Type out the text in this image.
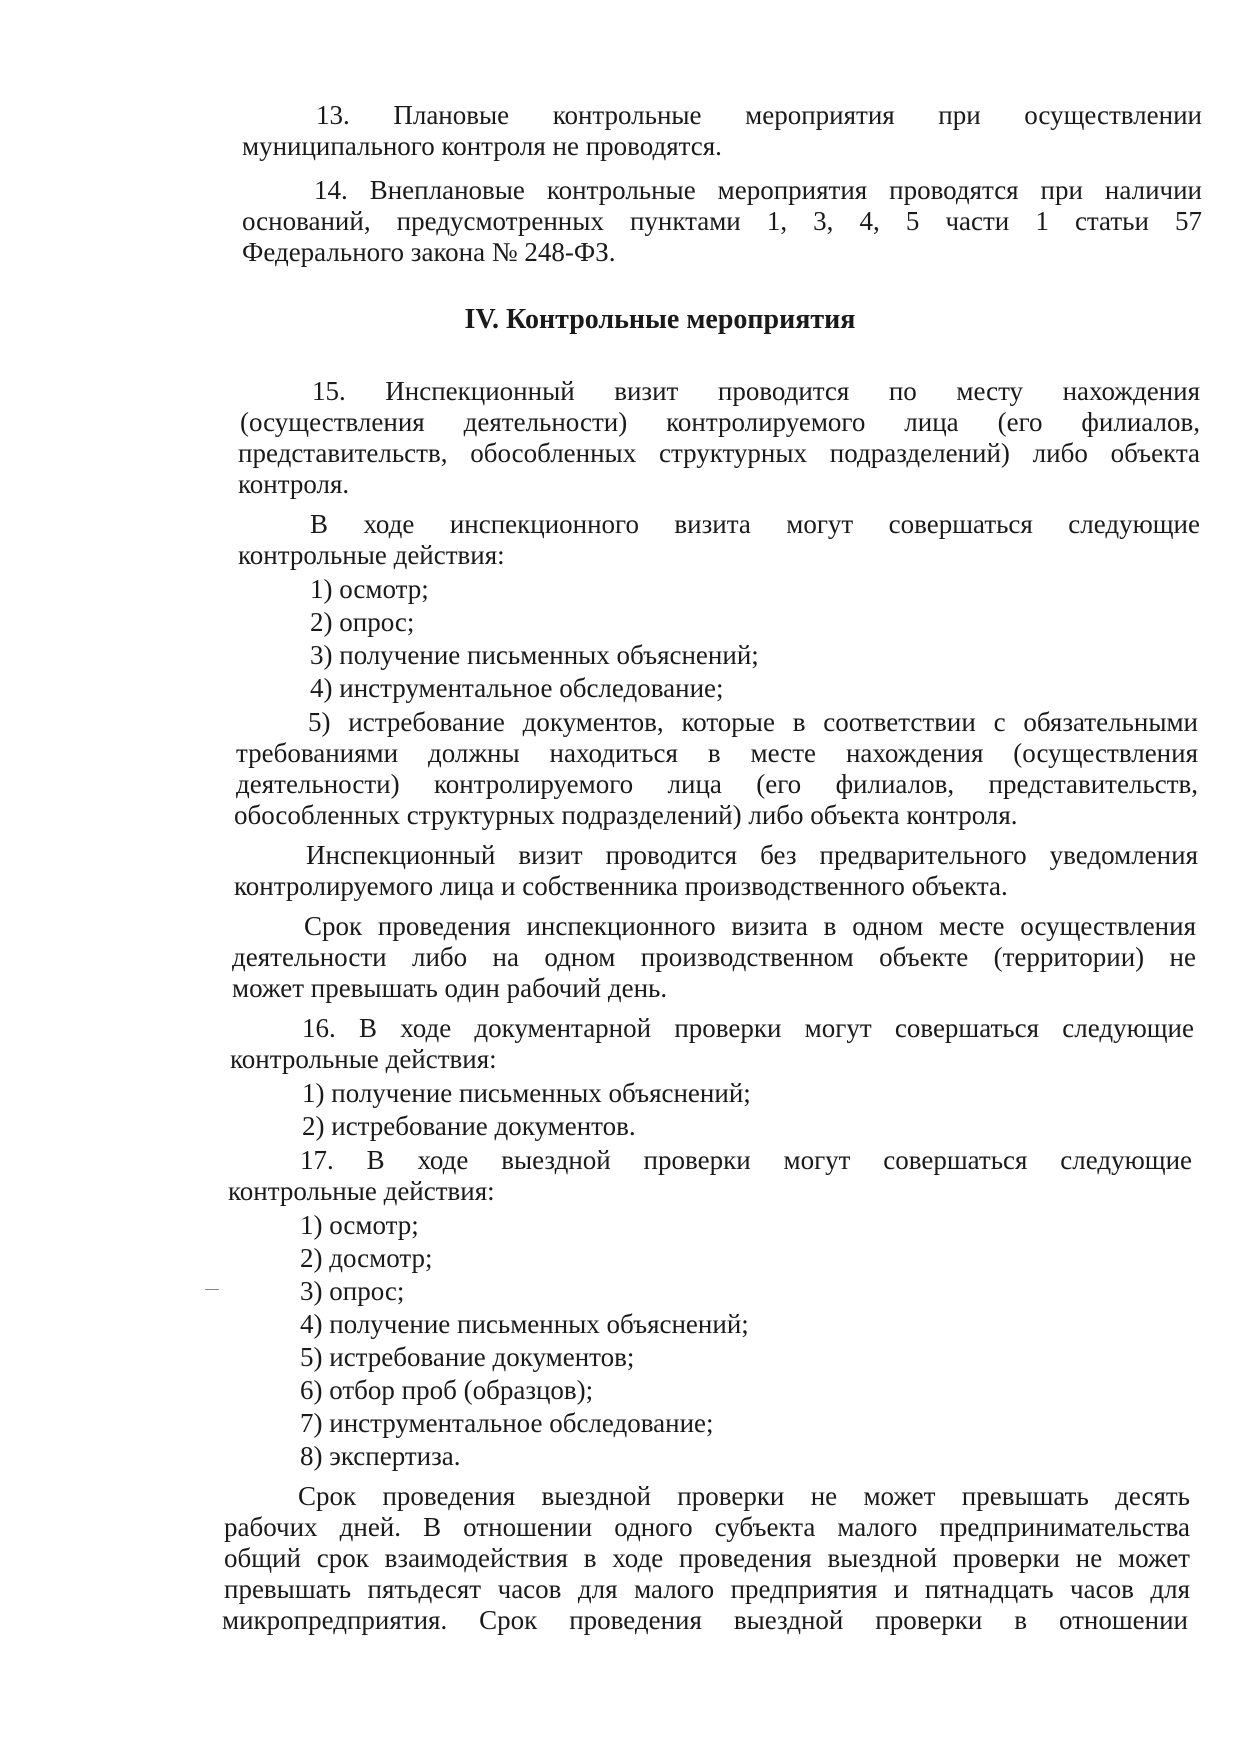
13. Плановые контрольные мероприятия при осуществлении
муниципального контроля не проводятся.
14. Внеплановые контрольные мероприятия проводятся при наличии
оснований, предусмотренных пунктами 1, 3, 4, 5 части 1 статьи 57
Федерального закона № 248-ФЗ.
IV. Контрольные мероприятия
15. Инспекционный визит проводится по месту нахождения
(осуществления деятельности) контролируемого лица (его филиалов,
представительств, обособленных структурных подразделений) либо объекта
контроля.
В ходе инспекционного визита могут совершаться следующие
контрольные действия:
1) осмотр;
2) опрос;
3) получение письменных объяснений;
4) инструментальное обследование;
5) истребование документов, которые в соответствии с обязательными
требованиями должны находиться в месте нахождения (осуществления
деятельности) контролируемого лица (его филиалов, представительств,
обособленных структурных подразделений) либо объекта контроля.
Инспекционный визит проводится без предварительного уведомления
контролируемого лица и собственника производственного объекта.
Срок проведения инспекционного визита в одном месте осуществления
деятельности либо на одном производственном объекте (территории) не
может превышать один рабочий день.
16. В ходе документарной проверки могут совершаться следующие
контрольные действия:
1) получение письменных объяснений;
2) истребование документов.
17. В ходе выездной проверки могут совершаться следующие
контрольные действия:
1) осмотр;
2) досмотр;
3) опрос;
4) получение письменных объяснений;
5) истребование документов;
6) отбор проб (образцов);
7) инструментальное обследование;
8) экспертиза.
Срок проведения выездной проверки не может превышать десять
рабочих дней. В отношении одного субъекта малого предпринимательства
общий срок взаимодействия в ходе проведения выездной проверки не может
превышать пятьдесят часов для малого предприятия и пятнадцать часов для
микропредприятия. Срок проведения выездной проверки в отношении
